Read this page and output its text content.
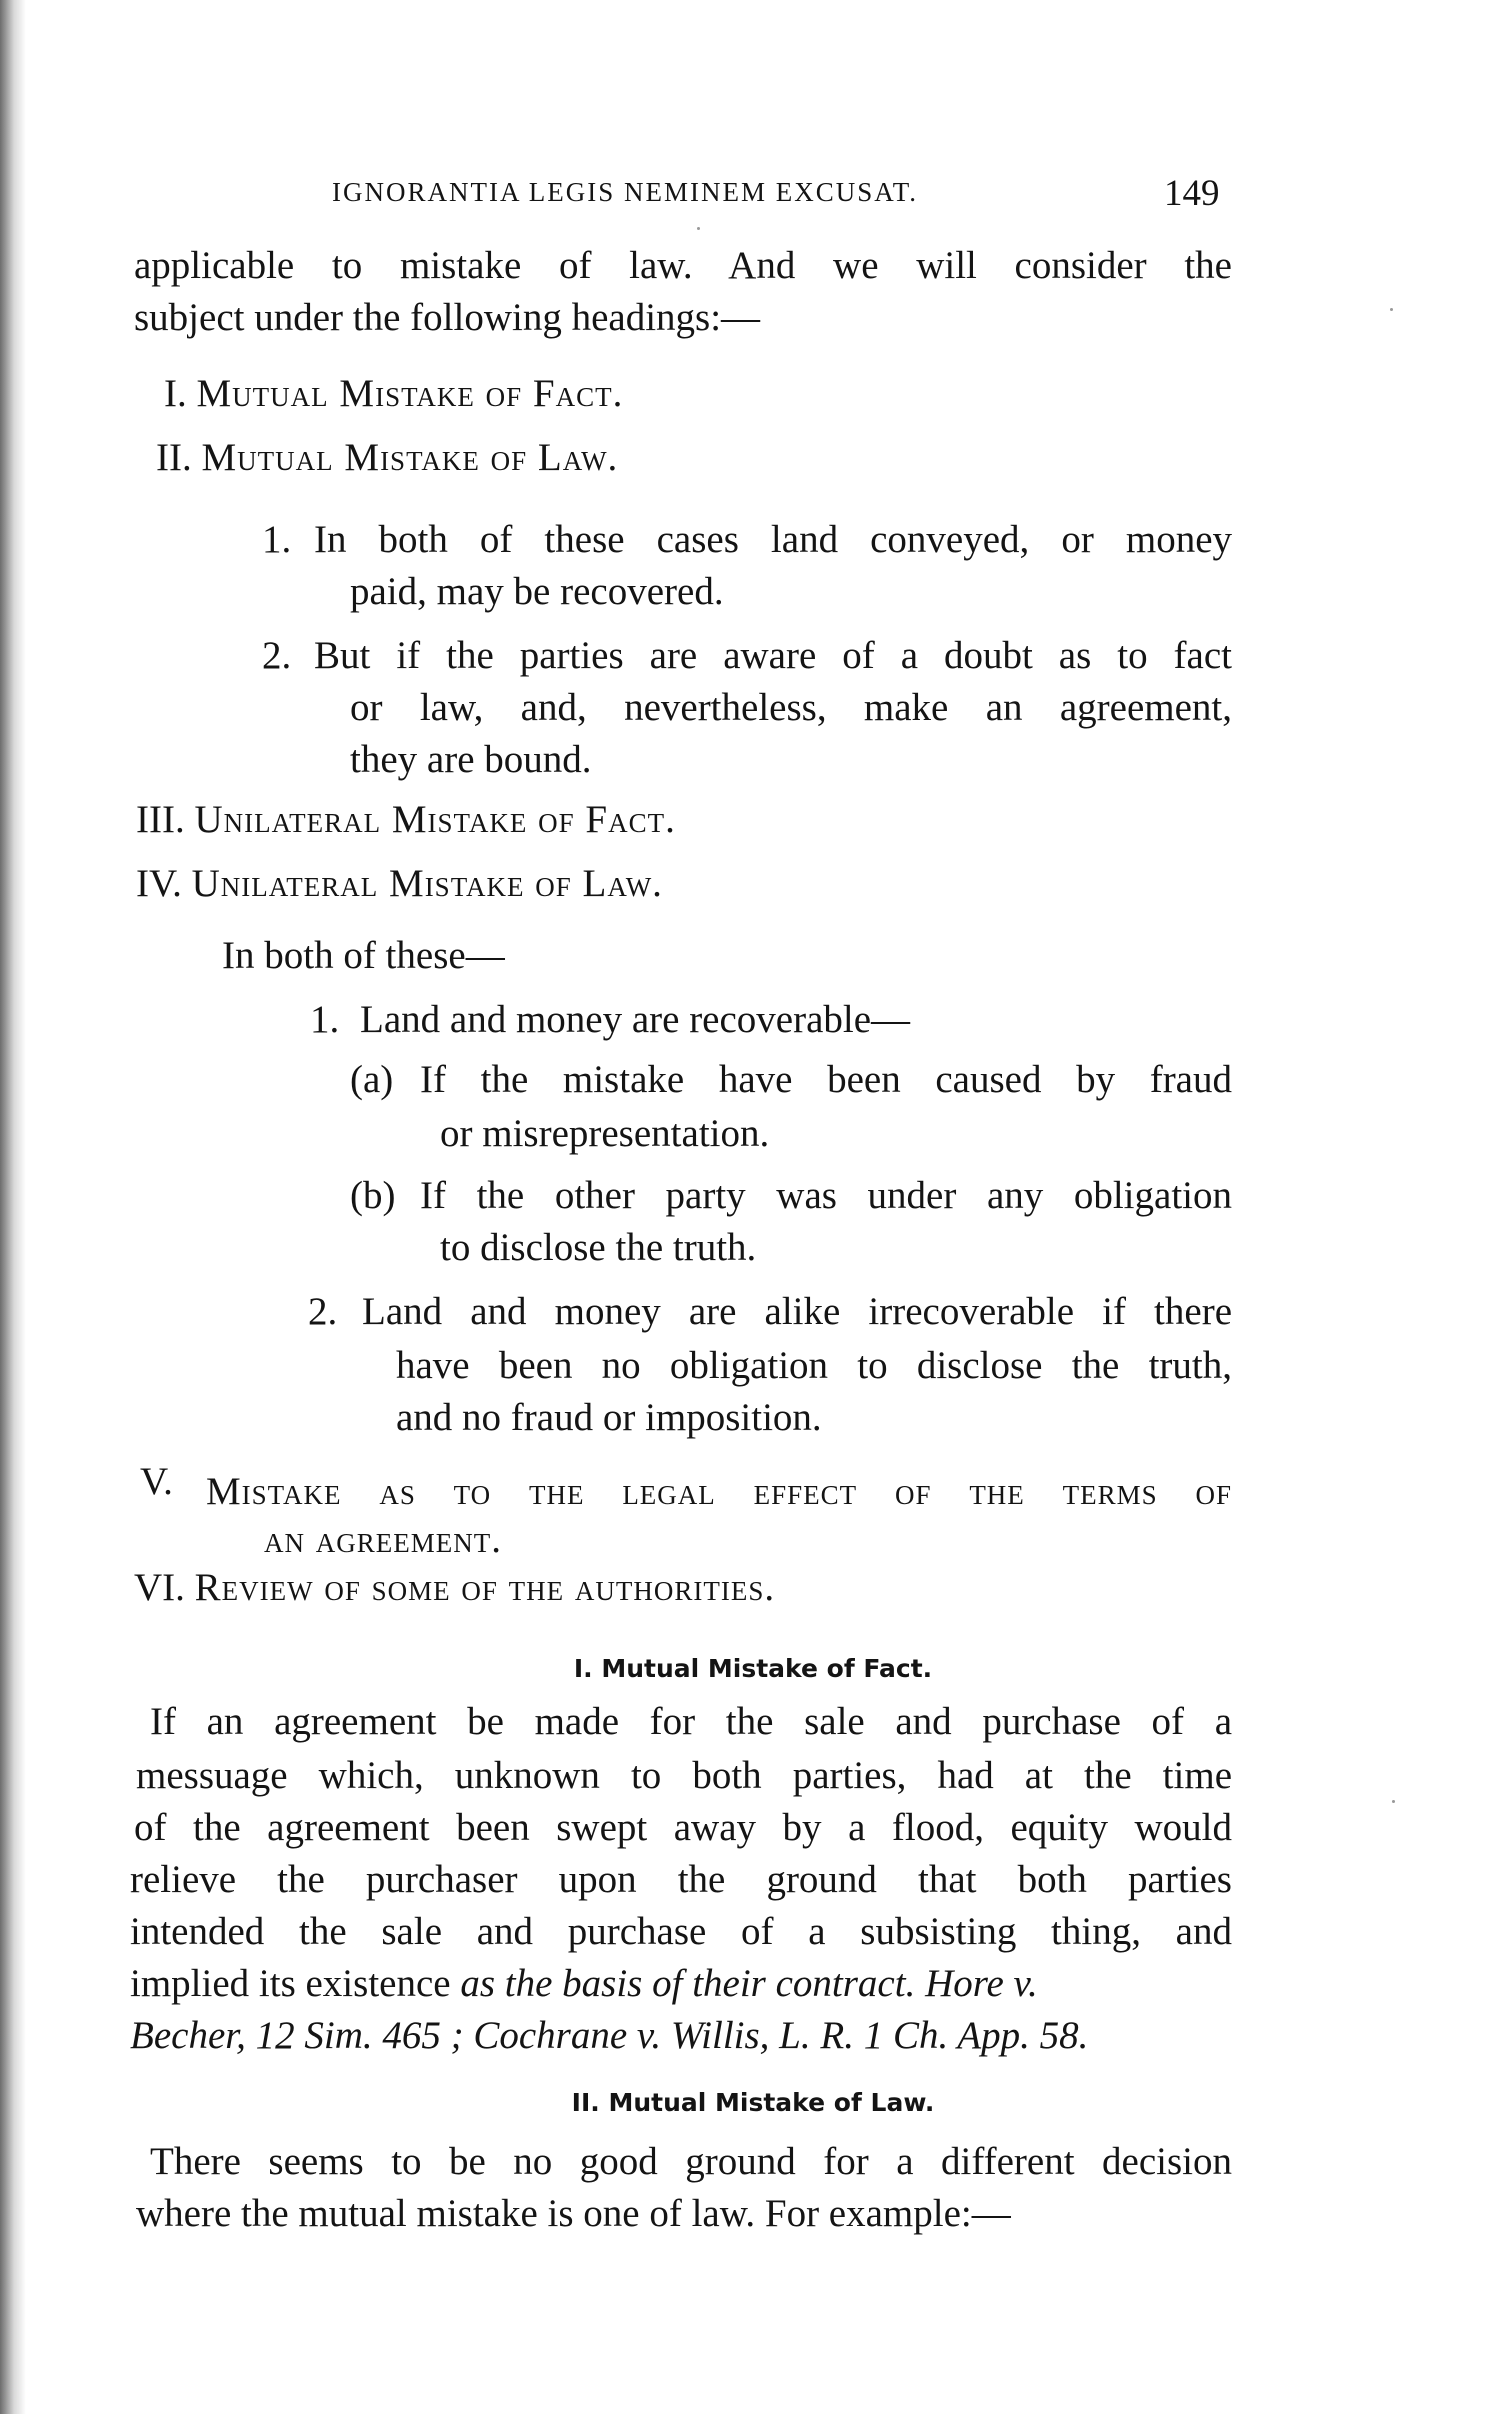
IGNORANTIA LEGIS NEMINEM EXCUSAT.	149
applicable to mistake of law. And we will consider the
subject under the following headings:—
I. Mutual Mistake of Fact.
II. Mutual Mistake of Law.
1. In both of these cases land conveyed, or money
paid, may be recovered.
2. But if the parties are aware of a doubt as to fact
or law, and, nevertheless, make an agreement,
they are bound.
III. Unilateral Mistake of Fact.
IV. Unilateral Mistake of Law.
In both of these—
1. Land and money are recoverable—
(a) If the mistake have been caused by fraud
or misrepresentation.
(b) If the other party was under any obligation
to disclose the truth.
2. Land and money are alike irrecoverable if there
have been no obligation to disclose the truth,
and no fraud or imposition.
V. Mistake as to the legal effect of the terms of
an agreement.
VI. Review of some of the authorities.
I. Mutual Mistake of Fact.
If an agreement be made for the sale and purchase of a
messuage which, unknown to both parties, had at the time
of the agreement been swept away by a flood, equity would
relieve the purchaser upon the ground that both parties
intended the sale and purchase of a subsisting thing, and
implied its existence as the basis of their contract. Hore v.
Becher, 12 Sim. 465 ; Cochrane v. Willis, L. R. 1 Ch. App. 58.
II. Mutual Mistake of Law.
There seems to be no good ground for a different decision
where the mutual mistake is one of law. For example:—
